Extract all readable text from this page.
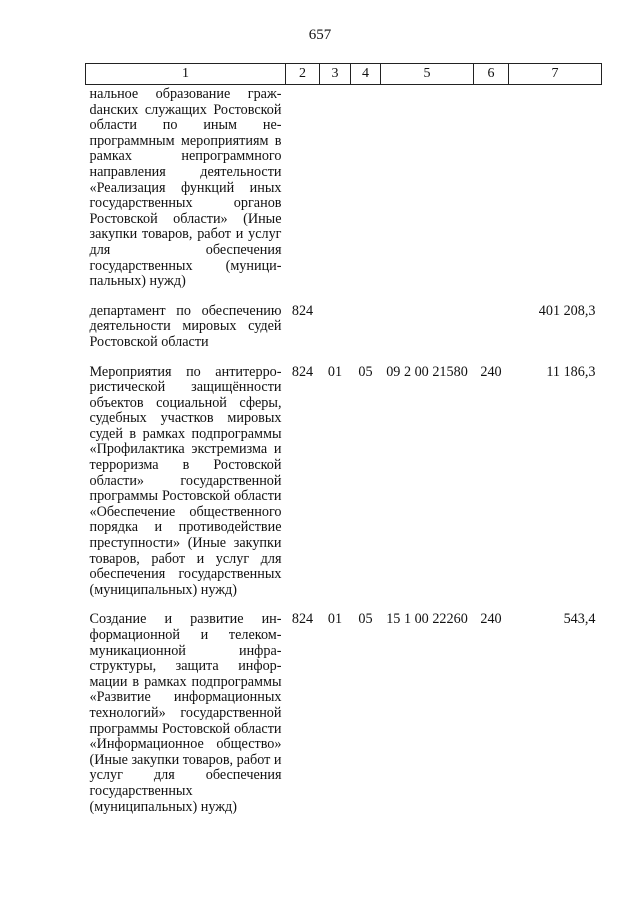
657
1	2	3	4	5	6	7
нальное образование гражdанских служащих Ростовской области по иным непрограммным мероприятиям в рамках непрограммного направления деятельности «Реализация функций иных государственных органов Ростовской области» (Иные закупки товаров, работ и услуг для обеспечения государственных (муниципальных) нужд)						
департамент по обеспечению деятельности мировых судей Ростовской области	824					401 208,3
Мероприятия по антитеррористической защищённости объектов социальной сферы, судебных участков мировых судей в рамках подпрограммы «Профилактика экстремизма и терроризма в Ростовской области» государственной программы Ростовской области «Обеспечение общественного порядка и противодействие преступности» (Иные закупки товаров, работ и услуг для обеспечения государственных (муниципальных) нужд)	824	01	05	09 2 00 21580	240	11 186,3
Создание и развитие информационной и телекоммуникационной инфраструктуры, защита информации в рамках подпрограммы «Развитие информационных технологий» государственной программы Ростовской области «Информационное общество» (Иные закупки товаров, работ и услуг для обеспечения государственных (муниципальных) нужд)	824	01	05	15 1 00 22260	240	543,4
